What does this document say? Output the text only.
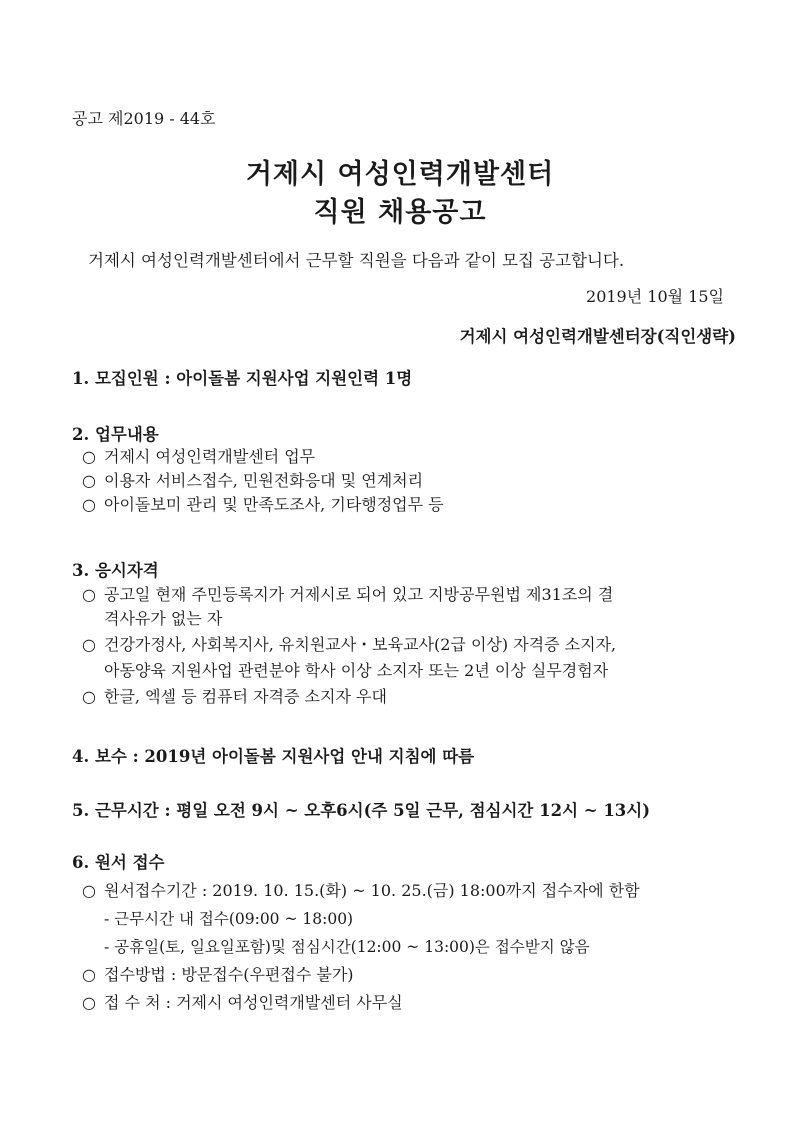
공고 제2019 - 44호
거제시 여성인력개발센터
직원 채용공고
거제시 여성인력개발센터에서 근무할 직원을 다음과 같이 모집 공고합니다.
2019년 10월 15일
거제시 여성인력개발센터장(직인생략)
1. 모집인원 : 아이돌봄 지원사업 지원인력 1명
2. 업무내용
○ 거제시 여성인력개발센터 업무
○ 이용자 서비스접수, 민원전화응대 및 연계처리
○ 아이돌보미 관리 및 만족도조사, 기타행정업무 등
3. 응시자격
○ 공고일 현재 주민등록지가 거제시로 되어 있고 지방공무원법 제31조의 결
격사유가 없는 자
○ 건강가정사, 사회복지사, 유치원교사・보육교사(2급 이상) 자격증 소지자,
아동양육 지원사업 관련분야 학사 이상 소지자 또는 2년 이상 실무경험자
○ 한글, 엑셀 등 컴퓨터 자격증 소지자 우대
4. 보수 : 2019년 아이돌봄 지원사업 안내 지침에 따름
5. 근무시간 : 평일 오전 9시 ~ 오후6시(주 5일 근무, 점심시간 12시 ~ 13시)
6. 원서 접수
○ 원서접수기간 : 2019. 10. 15.(화) ~ 10. 25.(금) 18:00까지 접수자에 한함
- 근무시간 내 접수(09:00 ~ 18:00)
- 공휴일(토, 일요일포함)및 점심시간(12:00 ~ 13:00)은 접수받지 않음
○ 접수방법 : 방문접수(우편접수 불가)
○ 접 수 처 : 거제시 여성인력개발센터 사무실
